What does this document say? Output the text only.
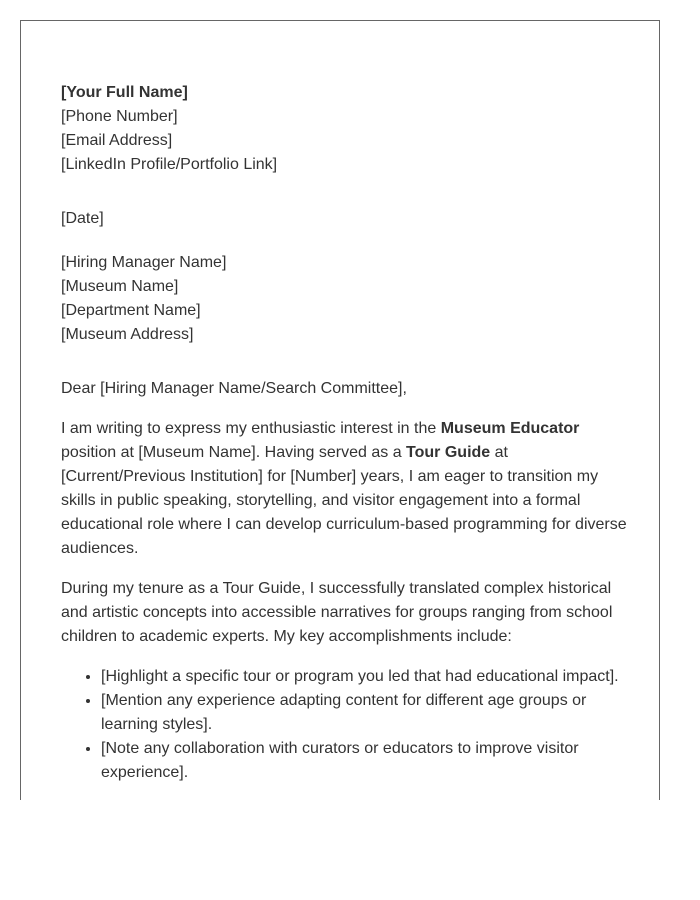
[Your Full Name]
[Phone Number]
[Email Address]
[LinkedIn Profile/Portfolio Link]
[Date]
[Hiring Manager Name]
[Museum Name]
[Department Name]
[Museum Address]
Dear [Hiring Manager Name/Search Committee],

I am writing to express my enthusiastic interest in the Museum Educator position at [Museum Name]. Having served as a Tour Guide at [Current/Previous Institution] for [Number] years, I am eager to transition my skills in public speaking, storytelling, and visitor engagement into a formal educational role where I can develop curriculum-based programming for diverse audiences.

During my tenure as a Tour Guide, I successfully translated complex historical and artistic concepts into accessible narratives for groups ranging from school children to academic experts. My key accomplishments include:

• [Highlight a specific tour or program you led that had educational impact].
• [Mention any experience adapting content for different age groups or learning styles].
• [Note any collaboration with curators or educators to improve visitor experience].
